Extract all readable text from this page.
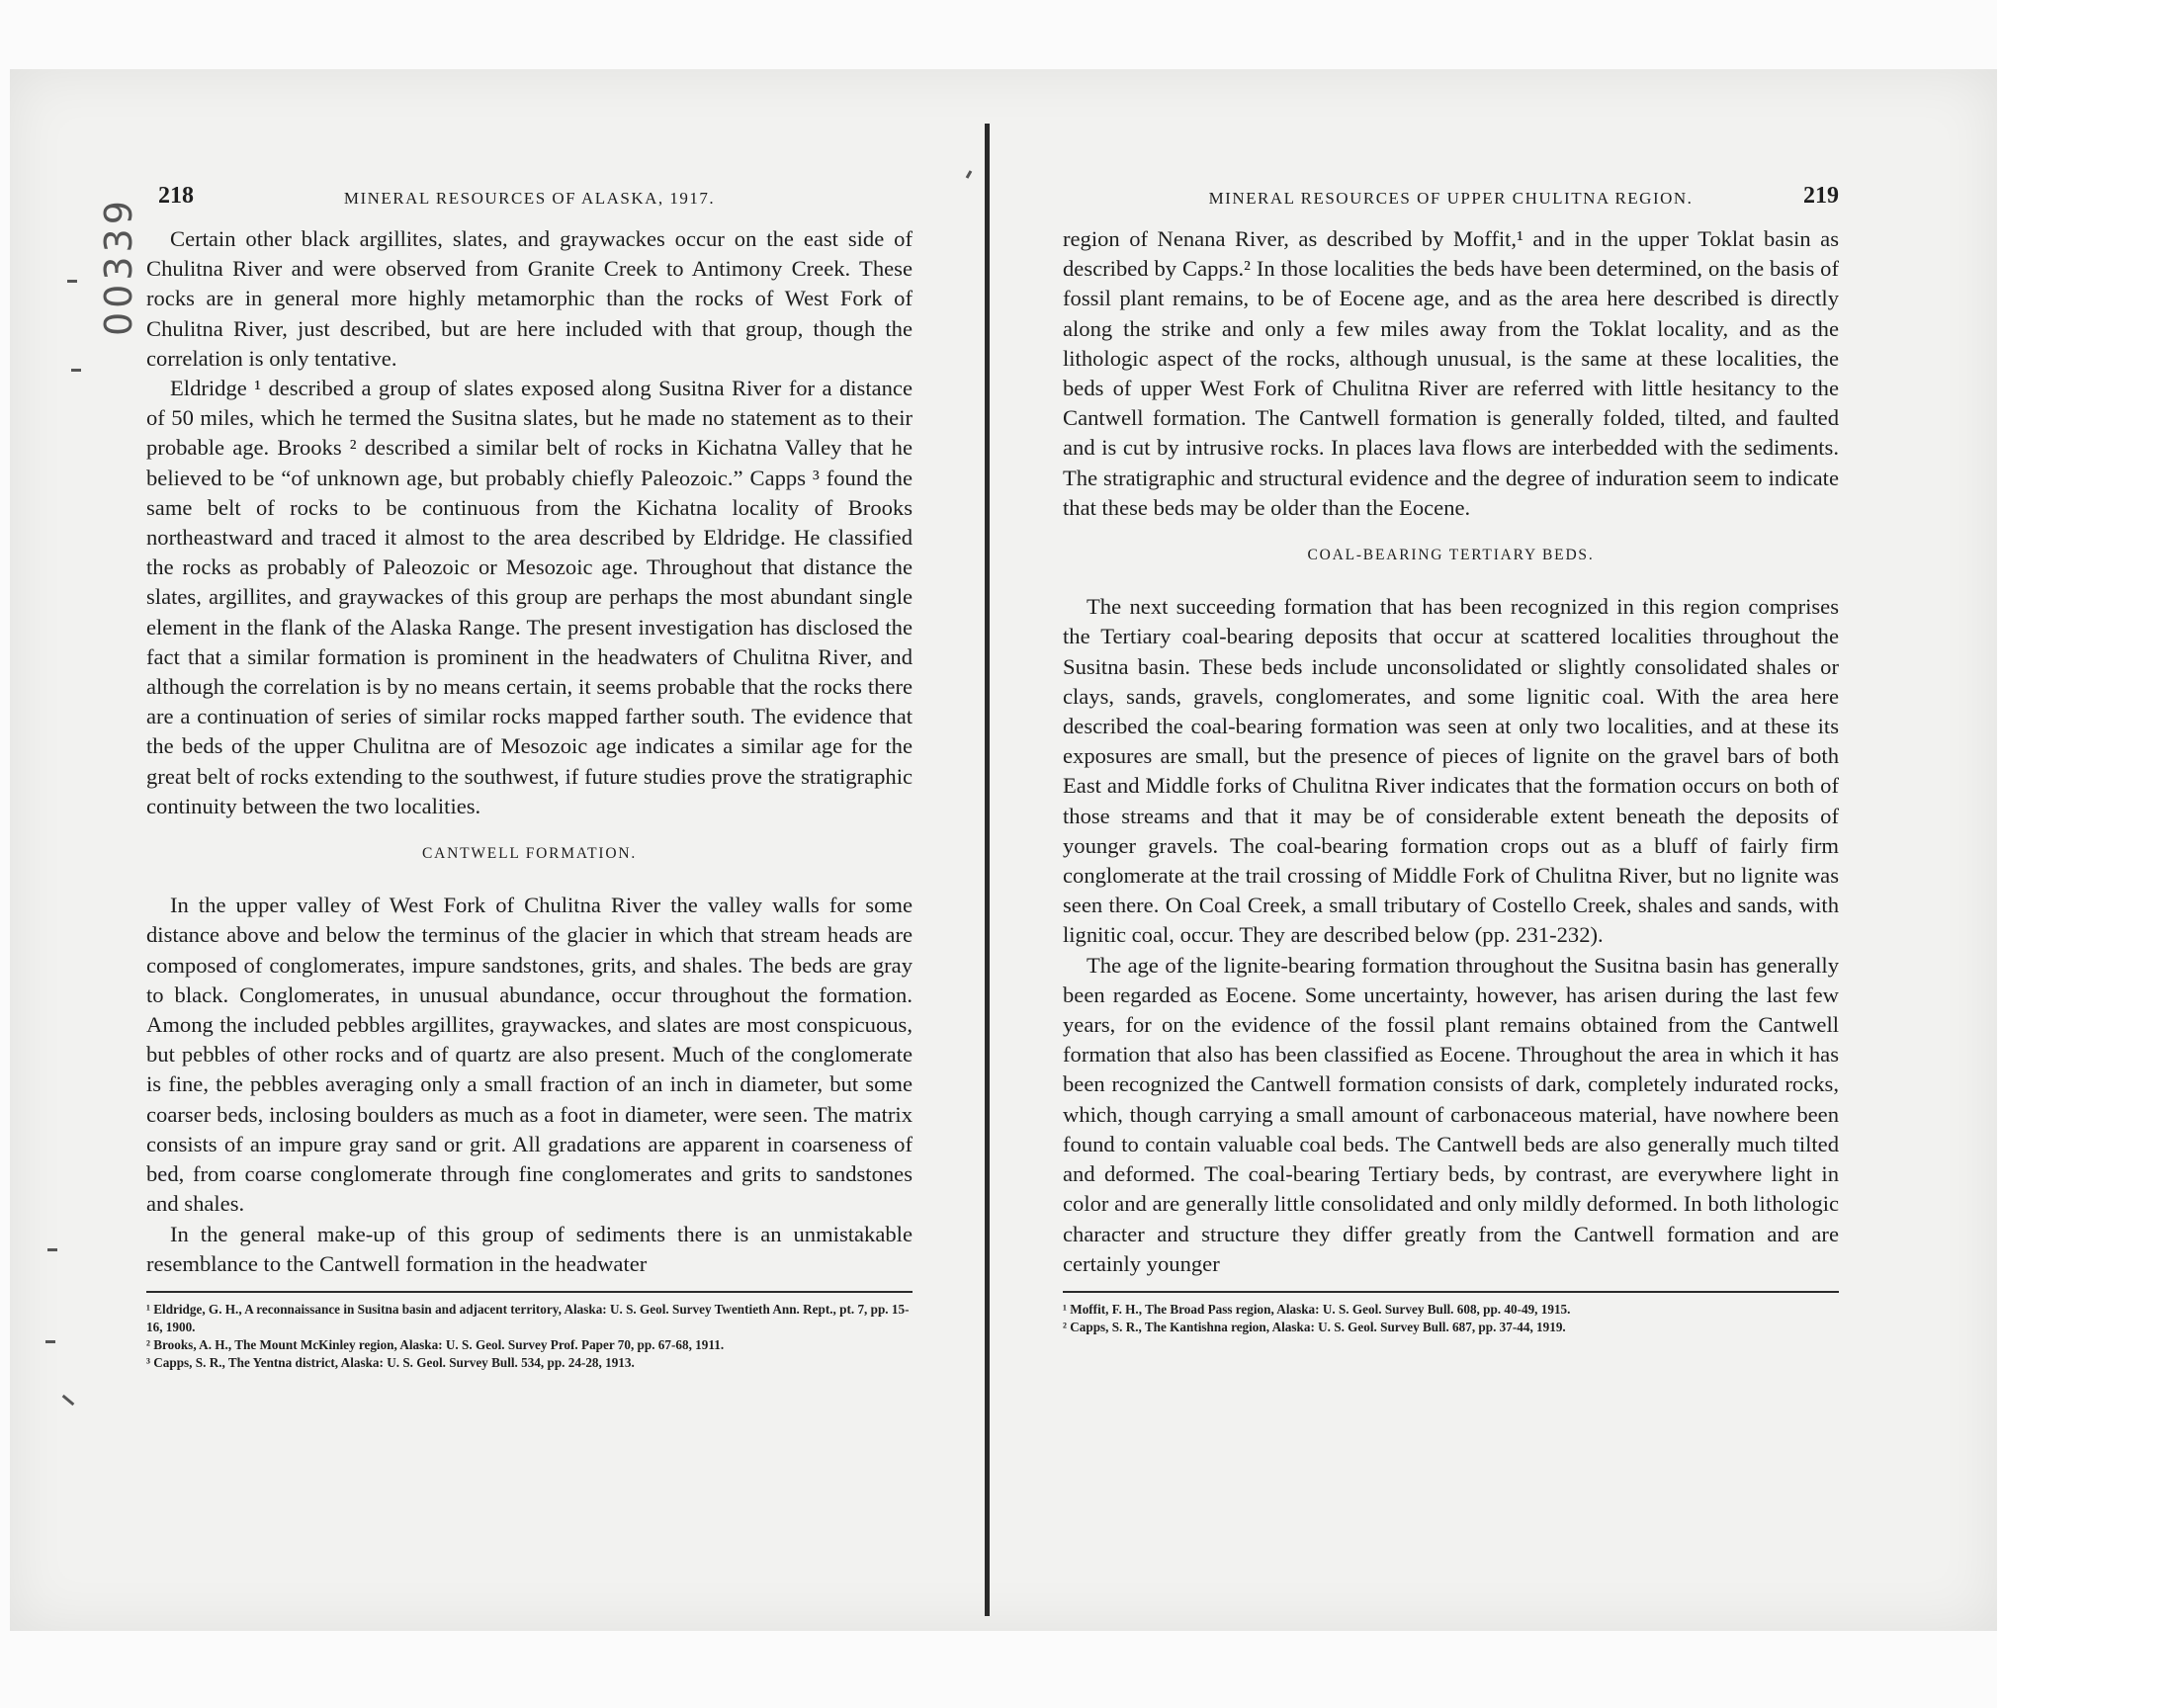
00339
218	MINERAL RESOURCES OF ALASKA, 1917.

Certain other black argillites, slates, and graywackes occur on the east side of Chulitna River and were observed from Granite Creek to Antimony Creek. These rocks are in general more highly metamorphic than the rocks of West Fork of Chulitna River, just described, but are here included with that group, though the correlation is only tentative.

Eldridge ¹ described a group of slates exposed along Susitna River for a distance of 50 miles, which he termed the Susitna slates, but he made no statement as to their probable age. Brooks ² described a similar belt of rocks in Kichatna Valley that he believed to be “of unknown age, but probably chiefly Paleozoic.” Capps ³ found the same belt of rocks to be continuous from the Kichatna locality of Brooks northeastward and traced it almost to the area described by Eldridge. He classified the rocks as probably of Paleozoic or Mesozoic age. Throughout that distance the slates, argillites, and graywackes of this group are perhaps the most abundant single element in the flank of the Alaska Range. The present investigation has disclosed the fact that a similar formation is prominent in the headwaters of Chulitna River, and although the correlation is by no means certain, it seems probable that the rocks there are a continuation of series of similar rocks mapped farther south. The evidence that the beds of the upper Chulitna are of Mesozoic age indicates a similar age for the great belt of rocks extending to the southwest, if future studies prove the stratigraphic continuity between the two localities.

CANTWELL FORMATION.

In the upper valley of West Fork of Chulitna River the valley walls for some distance above and below the terminus of the glacier in which that stream heads are composed of conglomerates, impure sandstones, grits, and shales. The beds are gray to black. Conglomerates, in unusual abundance, occur throughout the formation. Among the included pebbles argillites, graywackes, and slates are most conspicuous, but pebbles of other rocks and of quartz are also present. Much of the conglomerate is fine, the pebbles averaging only a small fraction of an inch in diameter, but some coarser beds, inclosing boulders as much as a foot in diameter, were seen. The matrix consists of an impure gray sand or grit. All gradations are apparent in coarseness of bed, from coarse conglomerate through fine conglomerates and grits to sandstones and shales.

In the general make-up of this group of sediments there is an unmistakable resemblance to the Cantwell formation in the headwater

¹ Eldridge, G. H., A reconnaissance in Susitna basin and adjacent territory, Alaska: U. S. Geol. Survey Twentieth Ann. Rept., pt. 7, pp. 15-16, 1900.

² Brooks, A. H., The Mount McKinley region, Alaska: U. S. Geol. Survey Prof. Paper 70, pp. 67-68, 1911.

³ Capps, S. R., The Yentna district, Alaska: U. S. Geol. Survey Bull. 534, pp. 24-28, 1913.

MINERAL RESOURCES OF UPPER CHULITNA REGION.	219

region of Nenana River, as described by Moffit,¹ and in the upper Toklat basin as described by Capps.² In those localities the beds have been determined, on the basis of fossil plant remains, to be of Eocene age, and as the area here described is directly along the strike and only a few miles away from the Toklat locality, and as the lithologic aspect of the rocks, although unusual, is the same at these localities, the beds of upper West Fork of Chulitna River are referred with little hesitancy to the Cantwell formation. The Cantwell formation is generally folded, tilted, and faulted and is cut by intrusive rocks. In places lava flows are interbedded with the sediments. The stratigraphic and structural evidence and the degree of induration seem to indicate that these beds may be older than the Eocene.

COAL-BEARING TERTIARY BEDS.

The next succeeding formation that has been recognized in this region comprises the Tertiary coal-bearing deposits that occur at scattered localities throughout the Susitna basin. These beds include unconsolidated or slightly consolidated shales or clays, sands, gravels, conglomerates, and some lignitic coal. With the area here described the coal-bearing formation was seen at only two localities, and at these its exposures are small, but the presence of pieces of lignite on the gravel bars of both East and Middle forks of Chulitna River indicates that the formation occurs on both of those streams and that it may be of considerable extent beneath the deposits of younger gravels. The coal-bearing formation crops out as a bluff of fairly firm conglomerate at the trail crossing of Middle Fork of Chulitna River, but no lignite was seen there. On Coal Creek, a small tributary of Costello Creek, shales and sands, with lignitic coal, occur. They are described below (pp. 231-232).

The age of the lignite-bearing formation throughout the Susitna basin has generally been regarded as Eocene. Some uncertainty, however, has arisen during the last few years, for on the evidence of the fossil plant remains obtained from the Cantwell formation that also has been classified as Eocene. Throughout the area in which it has been recognized the Cantwell formation consists of dark, completely indurated rocks, which, though carrying a small amount of carbonaceous material, have nowhere been found to contain valuable coal beds. The Cantwell beds are also generally much tilted and deformed. The coal-bearing Tertiary beds, by contrast, are everywhere light in color and are generally little consolidated and only mildly deformed. In both lithologic character and structure they differ greatly from the Cantwell formation and are certainly younger

¹ Moffit, F. H., The Broad Pass region, Alaska: U. S. Geol. Survey Bull. 608, pp. 40-49, 1915.

² Capps, S. R., The Kantishna region, Alaska: U. S. Geol. Survey Bull. 687, pp. 37-44, 1919.
